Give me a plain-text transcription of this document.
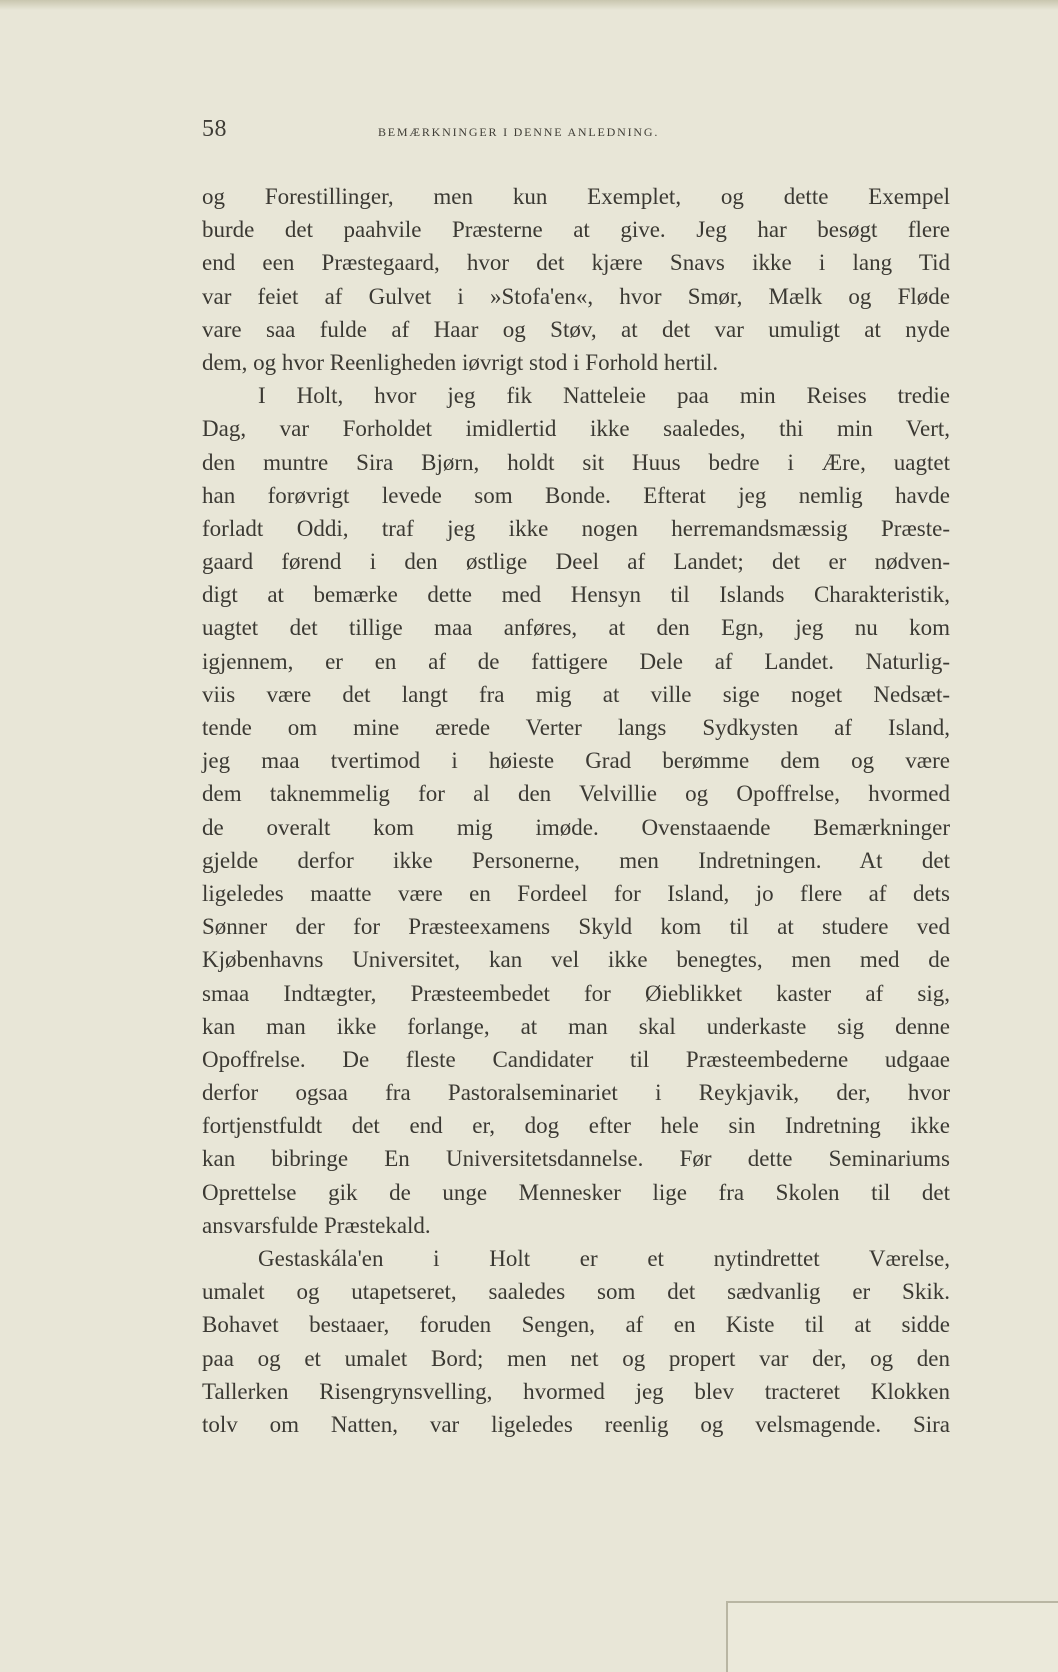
58	BEMÆRKNINGER I DENNE ANLEDNING.
og Forestillinger, men kun Exemplet, og dette Exempel
burde det paahvile Præsterne at give. Jeg har besøgt flere
end een Præstegaard, hvor det kjære Snavs ikke i lang Tid
var feiet af Gulvet i »Stofa'en«, hvor Smør, Mælk og Fløde
vare saa fulde af Haar og Støv, at det var umuligt at nyde
dem, og hvor Reenligheden iøvrigt stod i Forhold hertil.
I Holt, hvor jeg fik Natteleie paa min Reises tredie
Dag, var Forholdet imidlertid ikke saaledes, thi min Vert,
den muntre Sira Bjørn, holdt sit Huus bedre i Ære, uagtet
han forøvrigt levede som Bonde. Efterat jeg nemlig havde
forladt Oddi, traf jeg ikke nogen herremandsmæssig Præste-
gaard førend i den østlige Deel af Landet; det er nødven-
digt at bemærke dette med Hensyn til Islands Charakteristik,
uagtet det tillige maa anføres, at den Egn, jeg nu kom
igjennem, er en af de fattigere Dele af Landet. Naturlig-
viis være det langt fra mig at ville sige noget Nedsæt-
tende om mine ærede Verter langs Sydkysten af Island,
jeg maa tvertimod i høieste Grad berømme dem og være
dem taknemmelig for al den Velvillie og Opoffrelse, hvormed
de overalt kom mig imøde. Ovenstaaende Bemærkninger
gjelde derfor ikke Personerne, men Indretningen. At det
ligeledes maatte være en Fordeel for Island, jo flere af dets
Sønner der for Præsteexamens Skyld kom til at studere ved
Kjøbenhavns Universitet, kan vel ikke benegtes, men med de
smaa Indtægter, Præsteembedet for Øieblikket kaster af sig,
kan man ikke forlange, at man skal underkaste sig denne
Opoffrelse. De fleste Candidater til Præsteembederne udgaae
derfor ogsaa fra Pastoralseminariet i Reykjavik, der, hvor
fortjenstfuldt det end er, dog efter hele sin Indretning ikke
kan bibringe En Universitetsdannelse. Før dette Seminariums
Oprettelse gik de unge Mennesker lige fra Skolen til det
ansvarsfulde Præstekald.
Gestaskála'en i Holt er et nytindrettet Værelse,
umalet og utapetseret, saaledes som det sædvanlig er Skik.
Bohavet bestaaer, foruden Sengen, af en Kiste til at sidde
paa og et umalet Bord; men net og propert var der, og den
Tallerken Risengrynsvelling, hvormed jeg blev tracteret Klokken
tolv om Natten, var ligeledes reenlig og velsmagende. Sira
